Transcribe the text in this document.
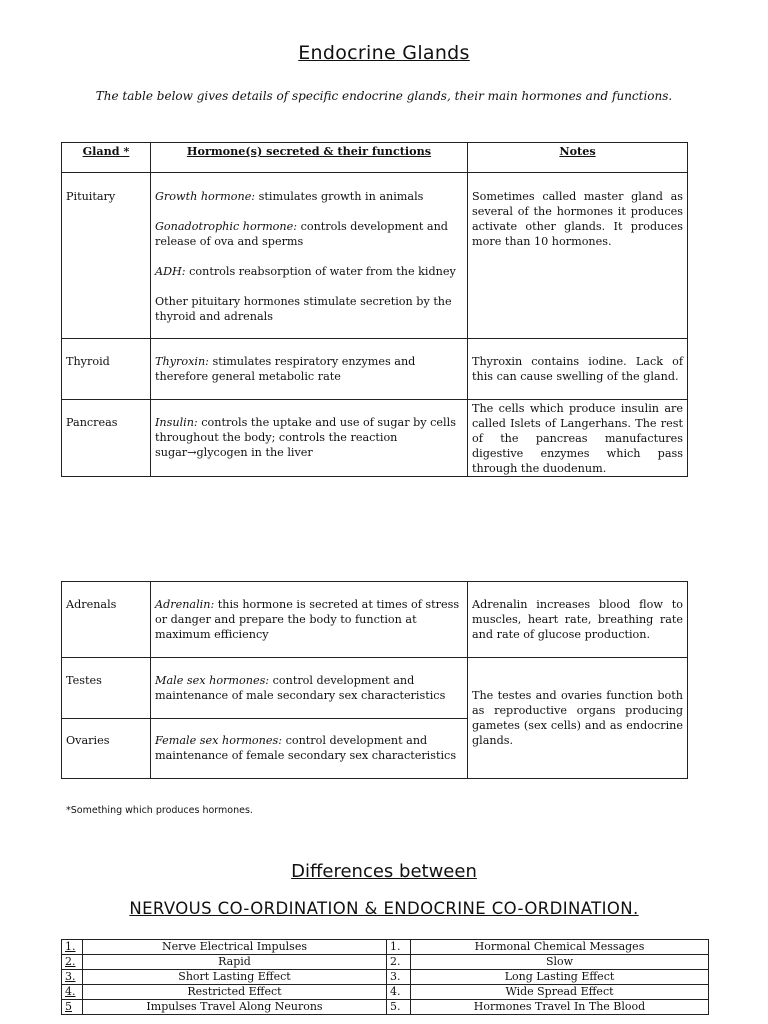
Endocrine Glands
The table below gives details of specific endocrine glands, their main hormones and functions.
Gland *	Hormone(s) secreted & their functions	Notes
Pituitary	Growth hormone: stimulates growth in animals

Gonadotrophic hormone: controls development and release of ova and sperms

ADH: controls reabsorption of water from the kidney

Other pituitary hormones stimulate secretion by the thyroid and adrenals	Sometimes called master gland as several of the hormones it produces activate other glands. It produces more than 10 hormones.
Thyroid	Thyroxin: stimulates respiratory enzymes and therefore general metabolic rate	Thyroxin contains iodine. Lack of this can cause swelling of the gland.
Pancreas	Insulin: controls the uptake and use of sugar by cells throughout the body; controls the reaction sugar→glycogen in the liver	The cells which produce insulin are called Islets of Langerhans. The rest of the pancreas manufactures digestive enzymes which pass through the duodenum.
Adrenals	Adrenalin: this hormone is secreted at times of stress or danger and prepare the body to function at maximum efficiency	Adrenalin increases blood flow to muscles, heart rate, breathing rate and rate of glucose production.
Testes	Male sex hormones: control development and maintenance of male secondary sex characteristics	The testes and ovaries function both as reproductive organs producing gametes (sex cells) and as endocrine glands.
Ovaries	Female sex hormones: control development and maintenance of female secondary sex characteristics	

*Something which produces hormones.
Differences between
NERVOUS CO-ORDINATION & ENDOCRINE CO-ORDINATION.
1.	Nerve Electrical Impulses	1.	Hormonal Chemical Messages
2.	Rapid	2.	Slow
3.	Short Lasting Effect	3.	Long Lasting Effect
4.	Restricted Effect	4.	Wide Spread Effect
5	Impulses Travel Along Neurons	5.	Hormones Travel In The Blood
